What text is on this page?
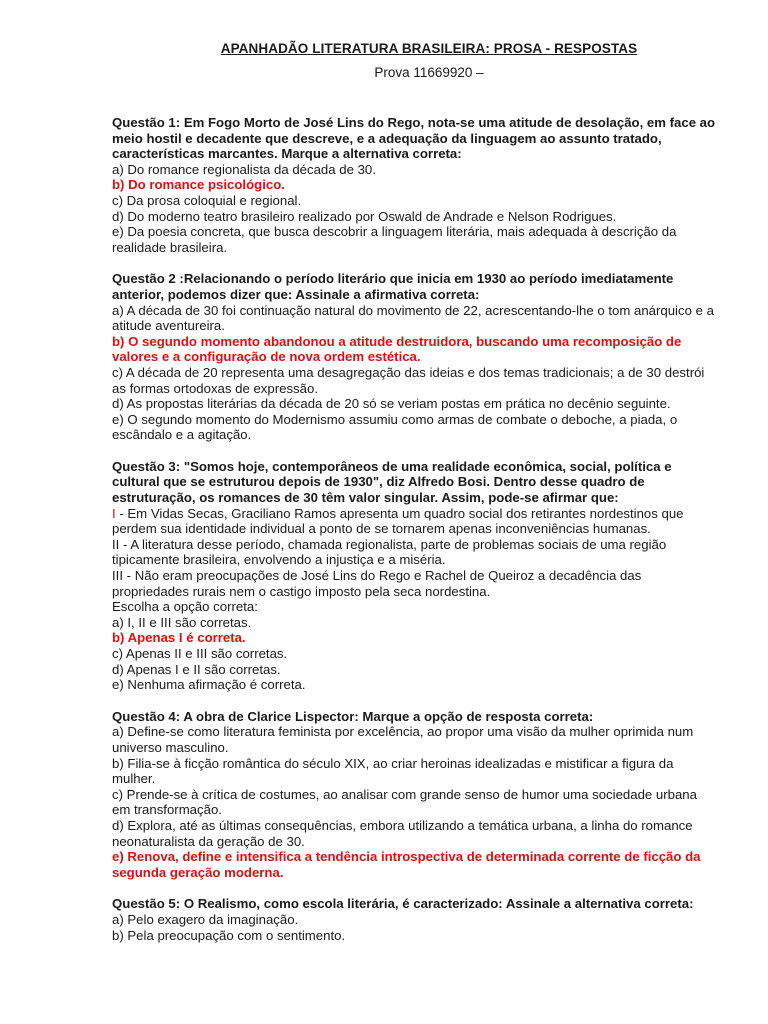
APANHADÃO LITERATURA BRASILEIRA: PROSA - RESPOSTAS

Prova 11669920 –

Questão 1: Em Fogo Morto de José Lins do Rego, nota-se uma atitude de desolação, em face ao meio hostil e decadente que descreve, e a adequação da linguagem ao assunto tratado, características marcantes. Marque a alternativa correta:

a) Do romance regionalista da década de 30.

b) Do romance psicológico.

c) Da prosa coloquial e regional.

d) Do moderno teatro brasileiro realizado por Oswald de Andrade e Nelson Rodrigues.

e) Da poesia concreta, que busca descobrir a linguagem literária, mais adequada à descrição da realidade brasileira.

Questão 2 :Relacionando o período literário que inicia em 1930 ao período imediatamente anterior, podemos dizer que: Assinale a afirmativa correta:

a) A década de 30 foi continuação natural do movimento de 22, acrescentando-lhe o tom anárquico e a atitude aventureira.

b) O segundo momento abandonou a atitude destruidora, buscando uma recomposição de valores e a configuração de nova ordem estética.

c) A década de 20 representa uma desagregação das ideias e dos temas tradicionais; a de 30 destrói as formas ortodoxas de expressão.

d) As propostas literárias da década de 20 só se veriam postas em prática no decênio seguinte.

e) O segundo momento do Modernismo assumiu como armas de combate o deboche, a piada, o escândalo e a agitação.

Questão 3: "Somos hoje, contemporâneos de uma realidade econômica, social, política e cultural que se estruturou depois de 1930", diz Alfredo Bosi. Dentro desse quadro de estruturação, os romances de 30 têm valor singular. Assim, pode-se afirmar que:

I - Em Vidas Secas, Graciliano Ramos apresenta um quadro social dos retirantes nordestinos que perdem sua identidade individual a ponto de se tornarem apenas inconveniências humanas.

II - A literatura desse período, chamada regionalista, parte de problemas sociais de uma região tipicamente brasileira, envolvendo a injustiça e a miséria.

III - Não eram preocupações de José Lins do Rego e Rachel de Queiroz a decadência das propriedades rurais nem o castigo imposto pela seca nordestina.

Escolha a opção correta:

a) I, II e III são corretas.

b) Apenas I é correta.

c) Apenas II e III são corretas.

d) Apenas I e II são corretas.

e) Nenhuma afirmação é correta.

Questão 4: A obra de Clarice Lispector: Marque a opção de resposta correta:

a) Define-se como literatura feminista por excelência, ao propor uma visão da mulher oprimida num universo masculino.

b) Filia-se à ficção romântica do século XIX, ao criar heroinas idealizadas e mistificar a figura da mulher.

c) Prende-se à crítica de costumes, ao analisar com grande senso de humor uma sociedade urbana em transformação.

d) Explora, até as últimas consequências, embora utilizando a temática urbana, a linha do romance neonaturalista da geração de 30.

e) Renova, define e intensifica a tendência introspectiva de determinada corrente de ficção da segunda geração moderna.

Questão 5: O Realismo, como escola literária, é caracterizado: Assinale a alternativa correta:

a) Pelo exagero da imaginação.

b) Pela preocupação com o sentimento.
